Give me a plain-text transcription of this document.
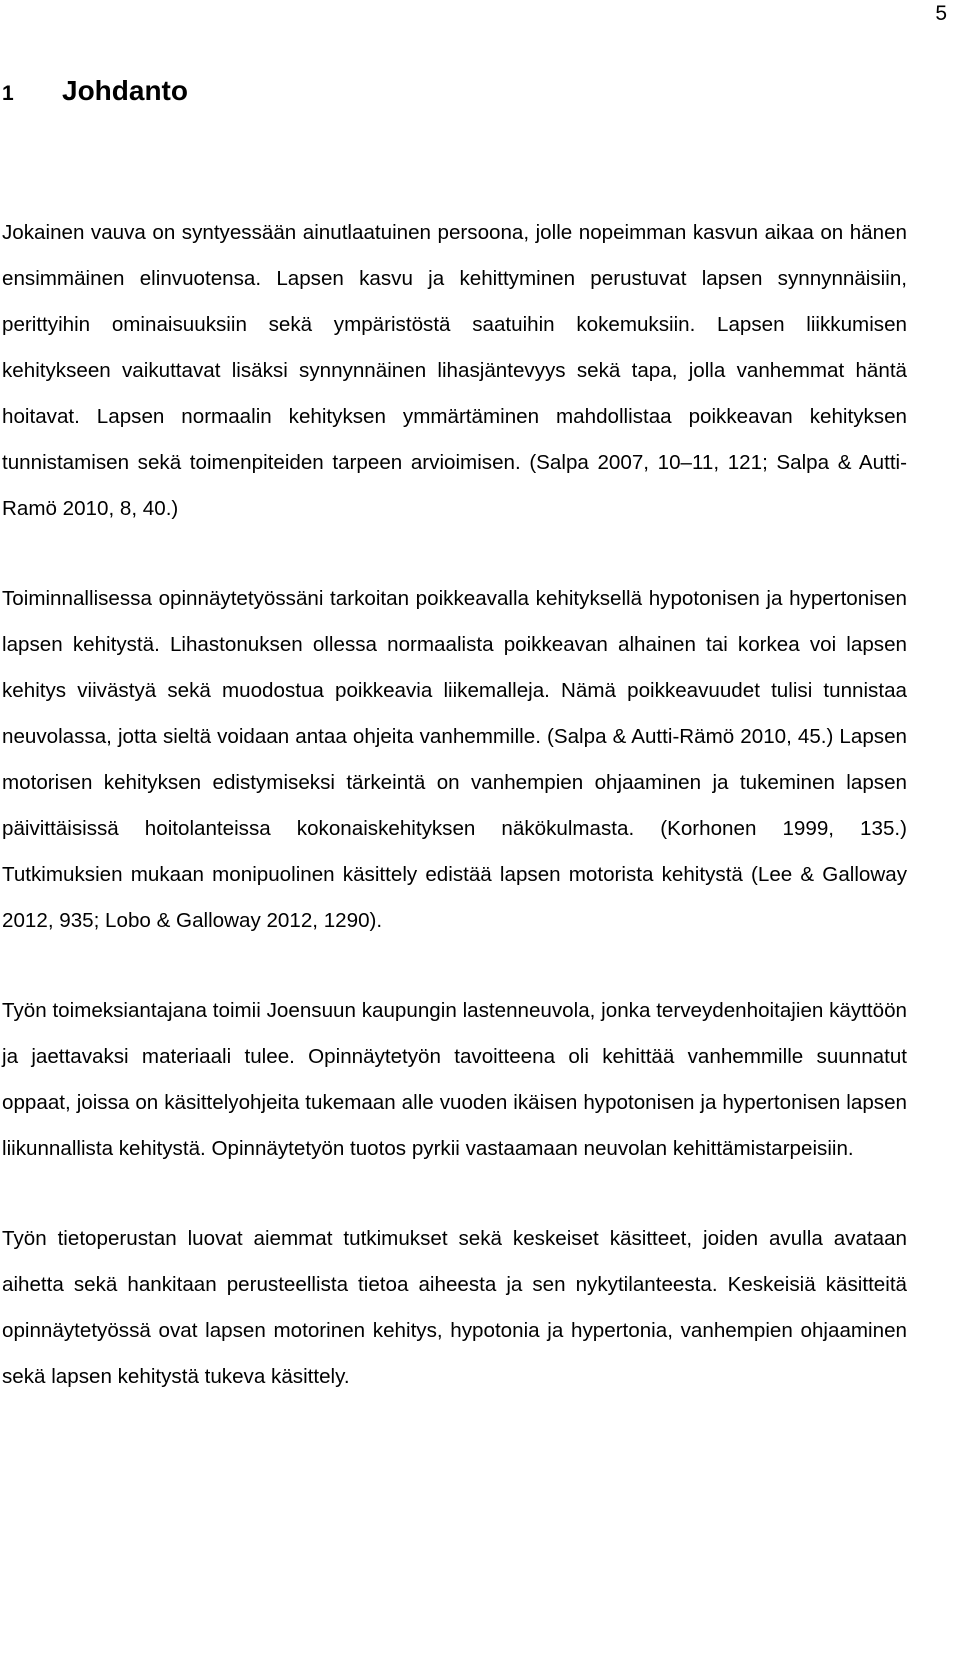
5
1	Johdanto

Jokainen vauva on syntyessään ainutlaatuinen persoona, jolle nopeimman kasvun aikaa on hänen ensimmäinen elinvuotensa. Lapsen kasvu ja kehittyminen perustuvat lapsen synnynnäisiin, perittyihin ominaisuuksiin sekä ympäristöstä saatuihin kokemuksiin. Lapsen liikkumisen kehitykseen vaikuttavat lisäksi synnynnäinen lihasjäntevyys sekä tapa, jolla vanhemmat häntä hoitavat. Lapsen normaalin kehityksen ymmärtäminen mahdollistaa poikkeavan kehityksen tunnistamisen sekä toimenpiteiden tarpeen arvioimisen. (Salpa 2007, 10–11, 121; Salpa & Autti-Ramö 2010, 8, 40.)

Toiminnallisessa opinnäytetyössäni tarkoitan poikkeavalla kehityksellä hypotonisen ja hypertonisen lapsen kehitystä. Lihastonuksen ollessa normaalista poikkeavan alhainen tai korkea voi lapsen kehitys viivästyä sekä muodostua poikkeavia liikemalleja. Nämä poikkeavuudet tulisi tunnistaa neuvolassa, jotta sieltä voidaan antaa ohjeita vanhemmille. (Salpa & Autti-Rämö 2010, 45.) Lapsen motorisen kehityksen edistymiseksi tärkeintä on vanhempien ohjaaminen ja tukeminen lapsen päivittäisissä hoitolanteissa kokonaiskehityksen näkökulmasta. (Korhonen 1999, 135.) Tutkimuksien mukaan monipuolinen käsittely edistää lapsen motorista kehitystä (Lee & Galloway 2012, 935; Lobo & Galloway 2012, 1290).

Työn toimeksiantajana toimii Joensuun kaupungin lastenneuvola, jonka terveydenhoitajien käyttöön ja jaettavaksi materiaali tulee. Opinnäytetyön tavoitteena oli kehittää vanhemmille suunnatut oppaat, joissa on käsittelyohjeita tukemaan alle vuoden ikäisen hypotonisen ja hypertonisen lapsen liikunnallista kehitystä. Opinnäytetyön tuotos pyrkii vastaamaan neuvolan kehittämistarpeisiin.

Työn tietoperustan luovat aiemmat tutkimukset sekä keskeiset käsitteet, joiden avulla avataan aihetta sekä hankitaan perusteellista tietoa aiheesta ja sen nykytilanteesta. Keskeisiä käsitteitä opinnäytetyössä ovat lapsen motorinen kehitys, hypotonia ja hypertonia, vanhempien ohjaaminen sekä lapsen kehitystä tukeva käsittely.
